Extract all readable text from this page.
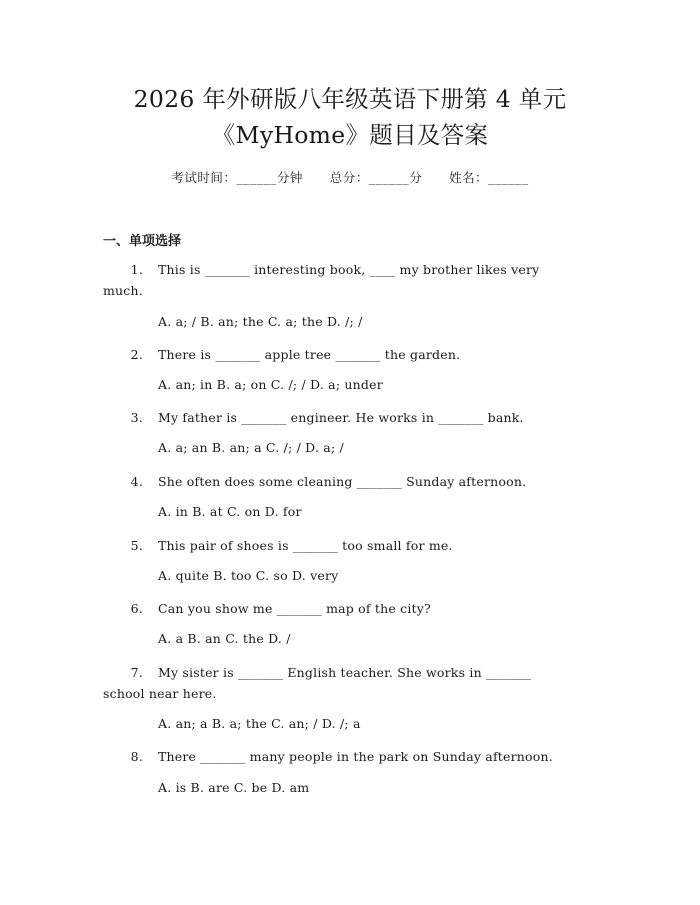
2026 年外研版八年级英语下册第 4 单元
《MyHome》题目及答案
考试时间：______分钟 总分：______分 姓名：______
一、单项选择
1. This is _______ interesting book, ____ my brother likes very
much.
A. a; / B. an; the C. a; the D. /; /
2. There is _______ apple tree _______ the garden.
A. an; in B. a; on C. /; / D. a; under
3. My father is _______ engineer. He works in _______ bank.
A. a; an B. an; a C. /; / D. a; /
4. She often does some cleaning _______ Sunday afternoon.
A. in B. at C. on D. for
5. This pair of shoes is _______ too small for me.
A. quite B. too C. so D. very
6. Can you show me _______ map of the city?
A. a B. an C. the D. /
7. My sister is _______ English teacher. She works in _______
school near here.
A. an; a B. a; the C. an; / D. /; a
8. There _______ many people in the park on Sunday afternoon.
A. is B. are C. be D. am
